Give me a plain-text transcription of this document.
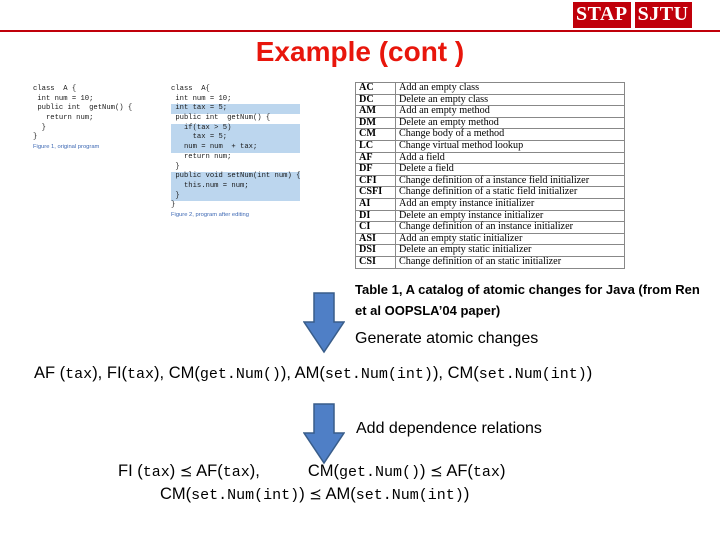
STAP SJTU
Example (cont )
class  A {
int num = 10;
public int  getNum() {
return num;
}
}
Figure 1, original program
class  A{
int num = 10;
int tax = 5;
public int  getNum() {
if(tax > 5)
tax = 5;
num = num  + tax;
return num;
}
public void setNum(int num) {
this.num = num;
}
}
Figure 2, program after editing
AC	Add an empty class
DC	Delete an empty class
AM	Add an empty method
DM	Delete an empty method
CM	Change body of a method
LC	Change virtual method lookup
AF	Add a field
DF	Delete a field
CFI	Change definition of a instance field initializer
CSFI	Change definition of a static field initializer
AI	Add an empty instance initializer
DI	Delete an empty instance initializer
CI	Change definition of an instance initializer
ASI	Add an empty static initializer
DSI	Delete an empty static initializer
CSI	Change definition of an static initializer
Table 1, A catalog of atomic changes for Java (from Ren et al OOPSLA’04 paper)
Generate atomic changes
AF (tax), FI(tax), CM(get.Num()), AM(set.Num(int)), CM(set.Num(int))
Add dependence relations
FI (tax) ⪯ AF(tax),	CM(get.Num()) ⪯ AF(tax)
CM(set.Num(int)) ⪯ AM(set.Num(int))
